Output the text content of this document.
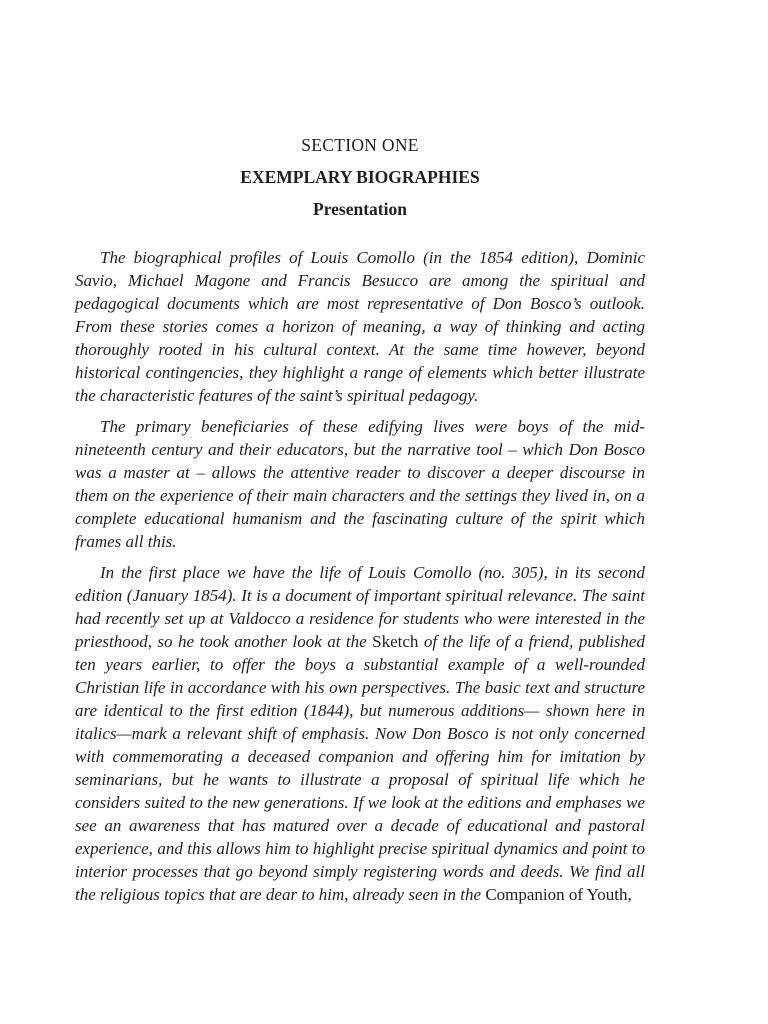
SECTION ONE
EXEMPLARY BIOGRAPHIES
Presentation

The biographical profiles of Louis Comollo (in the 1854 edition), Dominic Savio, Michael Magone and Francis Besucco are among the spiritual and pedagogical documents which are most representative of Don Bosco’s outlook. From these stories comes a horizon of meaning, a way of thinking and acting thoroughly rooted in his cultural context. At the same time however, beyond historical contingencies, they highlight a range of elements which better illustrate the characteristic features of the saint’s spiritual pedagogy.

The primary beneficiaries of these edifying lives were boys of the mid-nineteenth century and their educators, but the narrative tool – which Don Bosco was a master at – allows the attentive reader to discover a deeper discourse in them on the experience of their main characters and the settings they lived in, on a complete educational humanism and the fascinating culture of the spirit which frames all this.

In the first place we have the life of Louis Comollo (no. 305), in its second edition (January 1854). It is a document of important spiritual relevance. The saint had recently set up at Valdocco a residence for students who were interested in the priesthood, so he took another look at the Sketch of the life of a friend, published ten years earlier, to offer the boys a substantial example of a well-rounded Christian life in accordance with his own perspectives. The basic text and structure are identical to the first edition (1844), but numerous additions— shown here in italics—mark a relevant shift of emphasis. Now Don Bosco is not only concerned with commemorating a deceased companion and offering him for imitation by seminarians, but he wants to illustrate a proposal of spiritual life which he considers suited to the new generations. If we look at the editions and emphases we see an awareness that has matured over a decade of educational and pastoral experience, and this allows him to highlight precise spiritual dynamics and point to interior processes that go beyond simply registering words and deeds. We find all the religious topics that are dear to him, already seen in the Companion of Youth,
